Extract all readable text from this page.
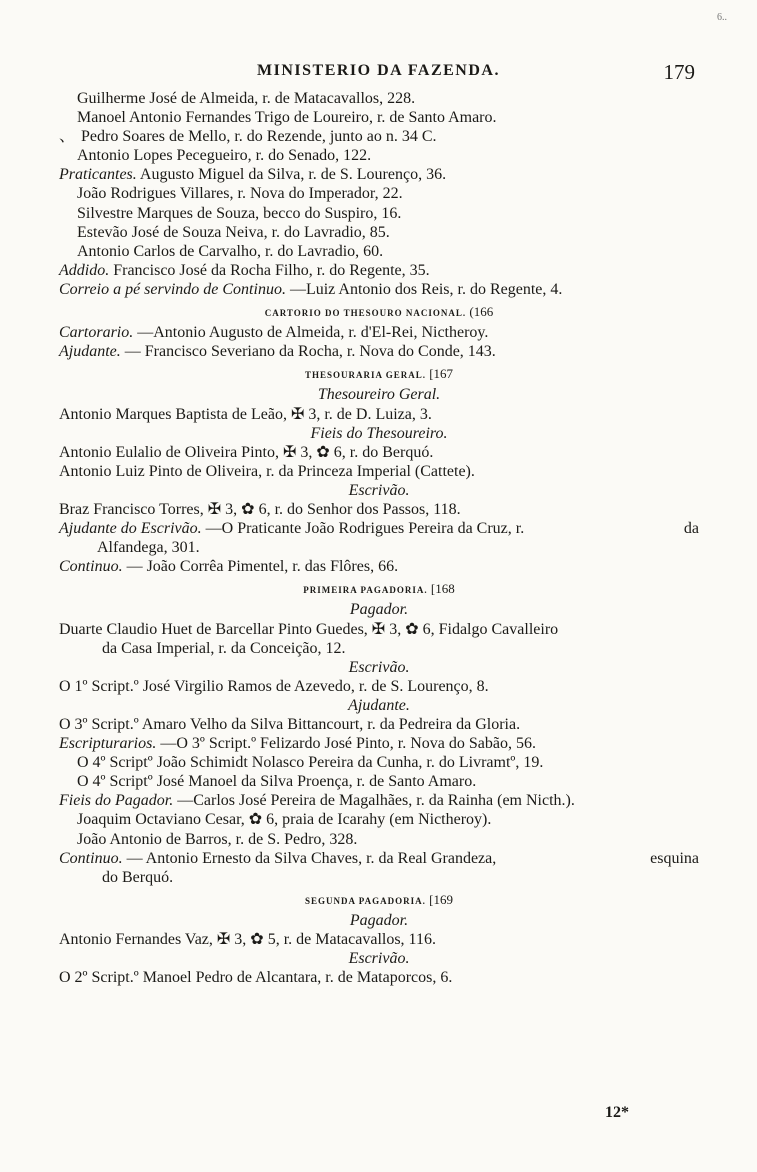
MINISTERIO DA FAZENDA.	179
6..
Guilherme José de Almeida, r. de Matacavallos, 228.
Manoel Antonio Fernandes Trigo de Loureiro, r. de Santo Amaro.
、 Pedro Soares de Mello, r. do Rezende, junto ao n. 34 C.
Antonio Lopes Pecegueiro, r. do Senado, 122.
Praticantes. Augusto Miguel da Silva, r. de S. Lourenço, 36.
João Rodrigues Villares, r. Nova do Imperador, 22.
Silvestre Marques de Souza, becco do Suspiro, 16.
Estevão José de Souza Neiva, r. do Lavradio, 85.
Antonio Carlos de Carvalho, r. do Lavradio, 60.
Addido. Francisco José da Rocha Filho, r. do Regente, 35.
Correio a pé servindo de Continuo. —Luiz Antonio dos Reis, r. do Regente, 4.
CARTORIO DO THESOURO NACIONAL. (166
Cartorario. —Antonio Augusto de Almeida, r. d'El-Rei, Nictheroy.
Ajudante. — Francisco Severiano da Rocha, r. Nova do Conde, 143.
THESOURARIA GERAL. [167
Thesoureiro Geral.
Antonio Marques Baptista de Leão, ✠ 3, r. de D. Luiza, 3.
Fieis do Thesoureiro.
Antonio Eulalio de Oliveira Pinto, ✠ 3, ✿ 6, r. do Berquó.
Antonio Luiz Pinto de Oliveira, r. da Princeza Imperial (Cattete).
Escrivão.
Braz Francisco Torres, ✠ 3, ✿ 6, r. do Senhor dos Passos, 118.
Ajudante do Escrivão. —O Praticante João Rodrigues Pereira da Cruz, r.	da
Alfandega, 301.
Continuo. — João Corrêa Pimentel, r. das Flôres, 66.
PRIMEIRA PAGADORIA. [168
Pagador.
Duarte Claudio Huet de Barcellar Pinto Guedes, ✠ 3, ✿ 6, Fidalgo Cavalleiro
da Casa Imperial, r. da Conceição, 12.
Escrivão.
O 1º Script.º José Virgilio Ramos de Azevedo, r. de S. Lourenço, 8.
Ajudante.
O 3º Script.º Amaro Velho da Silva Bittancourt, r. da Pedreira da Gloria.
Escripturarios. —O 3º Script.º Felizardo José Pinto, r. Nova do Sabão, 56.
O 4º Scriptº João Schimidt Nolasco Pereira da Cunha, r. do Livramtº, 19.
O 4º Scriptº José Manoel da Silva Proença, r. de Santo Amaro.
Fieis do Pagador. —Carlos José Pereira de Magalhães, r. da Rainha (em Nicth.).
Joaquim Octaviano Cesar, ✿ 6, praia de Icarahy (em Nictheroy).
João Antonio de Barros, r. de S. Pedro, 328.
Continuo. — Antonio Ernesto da Silva Chaves, r. da Real Grandeza,	esquina
do Berquó.
SEGUNDA PAGADORIA. [169
Pagador.
Antonio Fernandes Vaz, ✠ 3, ✿ 5, r. de Matacavallos, 116.
Escrivão.
O 2º Script.º Manoel Pedro de Alcantara, r. de Mataporcos, 6.
12*
